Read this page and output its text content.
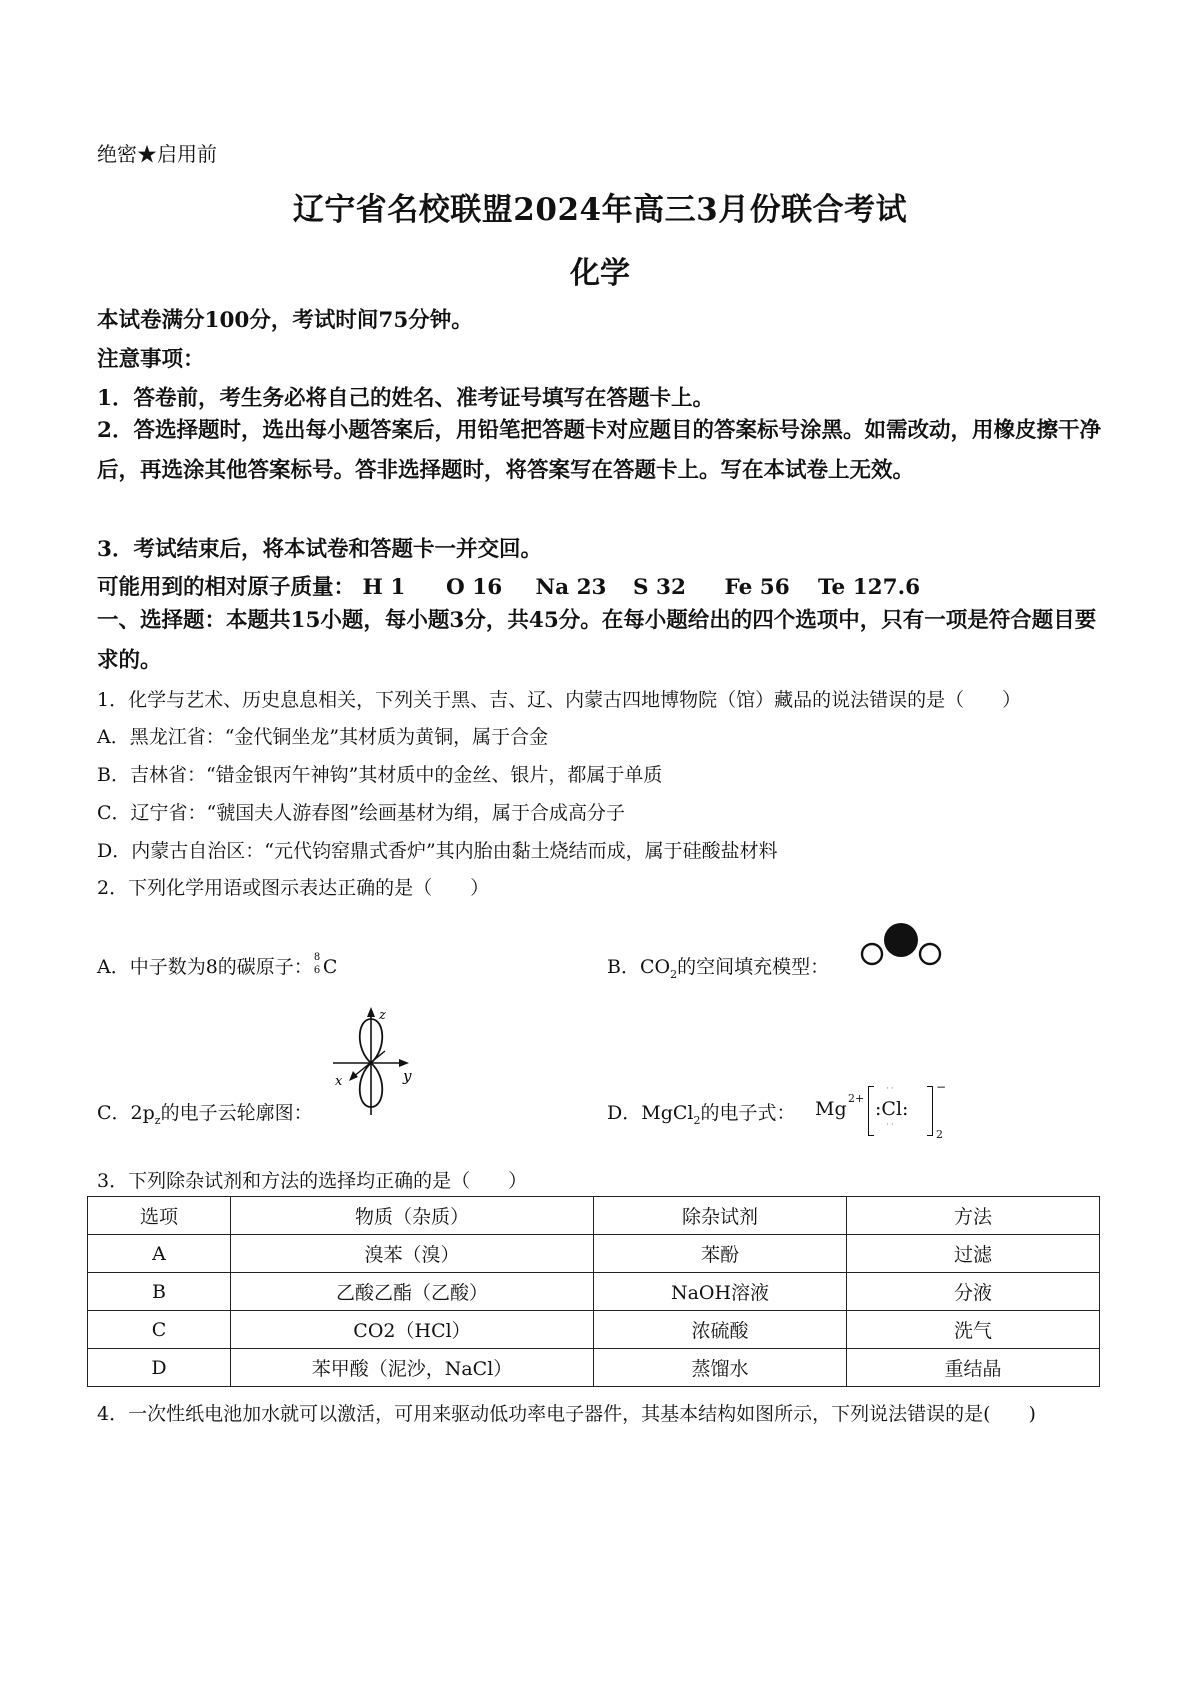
绝密★启用前
辽宁省名校联盟2024年高三3月份联合考试
化学
本试卷满分100分，考试时间75分钟。
注意事项：
1．答卷前，考生务必将自己的姓名、准考证号填写在答题卡上。
2．答选择题时，选出每小题答案后，用铅笔把答题卡对应题目的答案标号涂黑。如需改动，用橡皮擦干净后，再选涂其他答案标号。答非选择题时，将答案写在答题卡上。写在本试卷上无效。
3．考试结束后，将本试卷和答题卡一并交回。
可能用到的相对原子质量： H 1 O 16 Na 23 S 32 Fe 56 Te 127.6
一、选择题：本题共15小题，每小题3分，共45分。在每小题给出的四个选项中，只有一项是符合题目要求的。
1．化学与艺术、历史息息相关，下列关于黑、吉、辽、内蒙古四地博物院（馆）藏品的说法错误的是（　　）
A．黑龙江省：“金代铜坐龙”其材质为黄铜，属于合金
B．吉林省：“错金银丙午神钩”其材质中的金丝、银片，都属于单质
C．辽宁省：“虢国夫人游春图”绘画基材为绢，属于合成高分子
D．内蒙古自治区：“元代钧窑鼎式香炉”其内胎由黏土烧结而成，属于硅酸盐材料
2．下列化学用语或图示表达正确的是（　　）
A．中子数为8的碳原子： 8
6 C	B．$CO_2$的空间填充模型：
z
y
x
C．$2p_z$的电子云轮廓图：	D．MgCl$_2$的电子式： Mg 2+ :Cl:
··
··
−
2
3．下列除杂试剂和方法的选择均正确的是（　　）
选项	物质（杂质）	除杂试剂	方法
A	溴苯（溴）	苯酚	过滤
B	乙酸乙酯（乙酸）	NaOH溶液	分液
C	CO2（HCl）	浓硫酸	洗气
D	苯甲酸（泥沙，NaCl）	蒸馏水	重结晶
4．一次性纸电池加水就可以激活，可用来驱动低功率电子器件，其基本结构如图所示，下列说法错误的是(　　)
